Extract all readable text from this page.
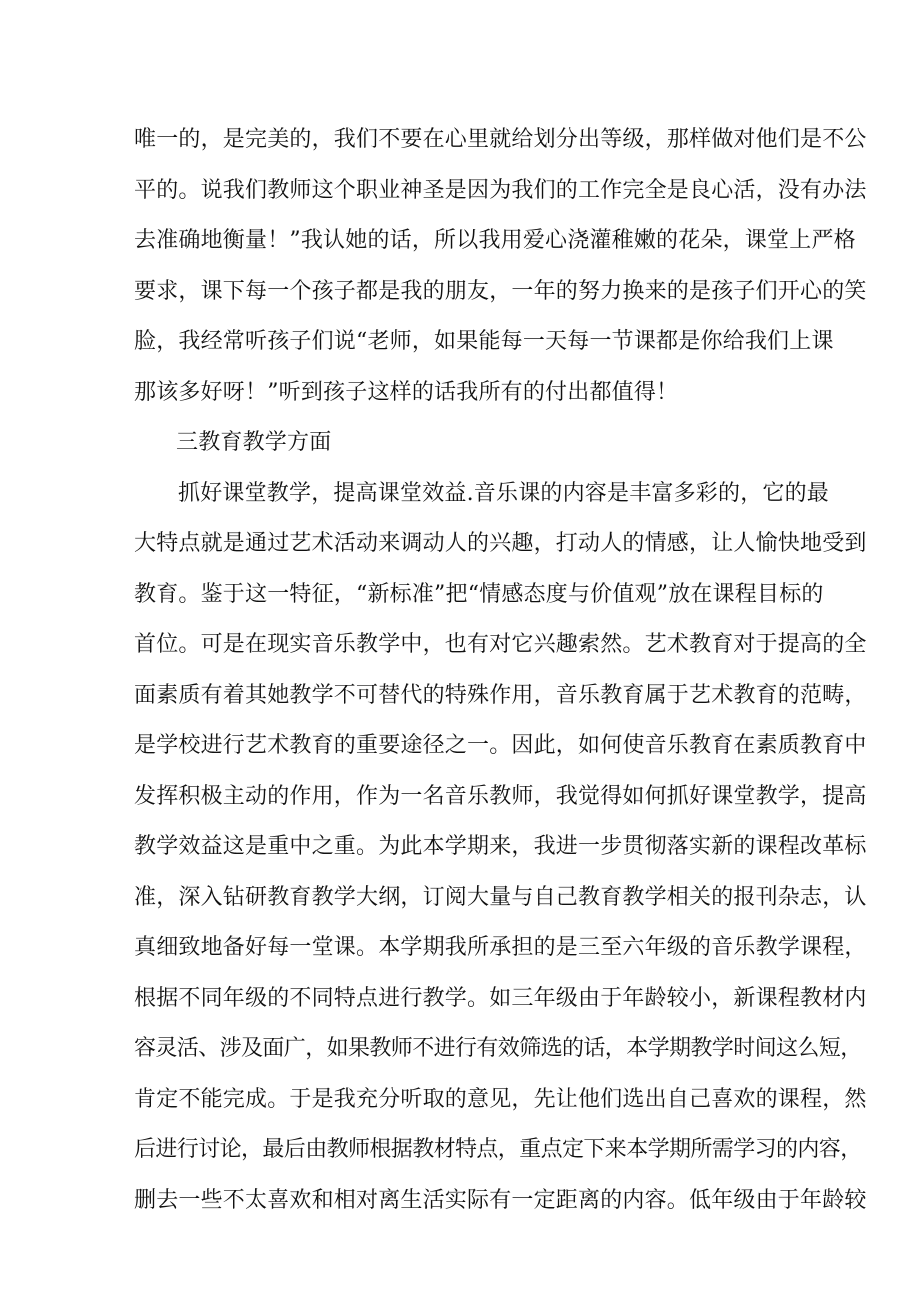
唯一的，是完美的，我们不要在心里就给划分出等级，那样做对他们是不公
平的。说我们教师这个职业神圣是因为我们的工作完全是良心活，没有办法
去准确地衡量！”我认她的话，所以我用爱心浇灌稚嫩的花朵，课堂上严格
要求，课下每一个孩子都是我的朋友，一年的努力换来的是孩子们开心的笑
脸，我经常听孩子们说“老师，如果能每一天每一节课都是你给我们上课
那该多好呀！”听到孩子这样的话我所有的付出都值得！
三教育教学方面
抓好课堂教学，提高课堂效益.音乐课的内容是丰富多彩的，它的最
大特点就是通过艺术活动来调动人的兴趣，打动人的情感，让人愉快地受到
教育。鉴于这一特征，“新标准”把“情感态度与价值观”放在课程目标的
首位。可是在现实音乐教学中，也有对它兴趣索然。艺术教育对于提高的全
面素质有着其她教学不可替代的特殊作用，音乐教育属于艺术教育的范畴，
是学校进行艺术教育的重要途径之一。因此，如何使音乐教育在素质教育中
发挥积极主动的作用，作为一名音乐教师，我觉得如何抓好课堂教学，提高
教学效益这是重中之重。为此本学期来，我进一步贯彻落实新的课程改革标
准，深入钻研教育教学大纲，订阅大量与自己教育教学相关的报刊杂志，认
真细致地备好每一堂课。本学期我所承担的是三至六年级的音乐教学课程，
根据不同年级的不同特点进行教学。如三年级由于年龄较小，新课程教材内
容灵活、涉及面广，如果教师不进行有效筛选的话，本学期教学时间这么短，
肯定不能完成。于是我充分听取的意见，先让他们选出自己喜欢的课程，然
后进行讨论，最后由教师根据教材特点，重点定下来本学期所需学习的内容，
删去一些不太喜欢和相对离生活实际有一定距离的内容。低年级由于年龄较
